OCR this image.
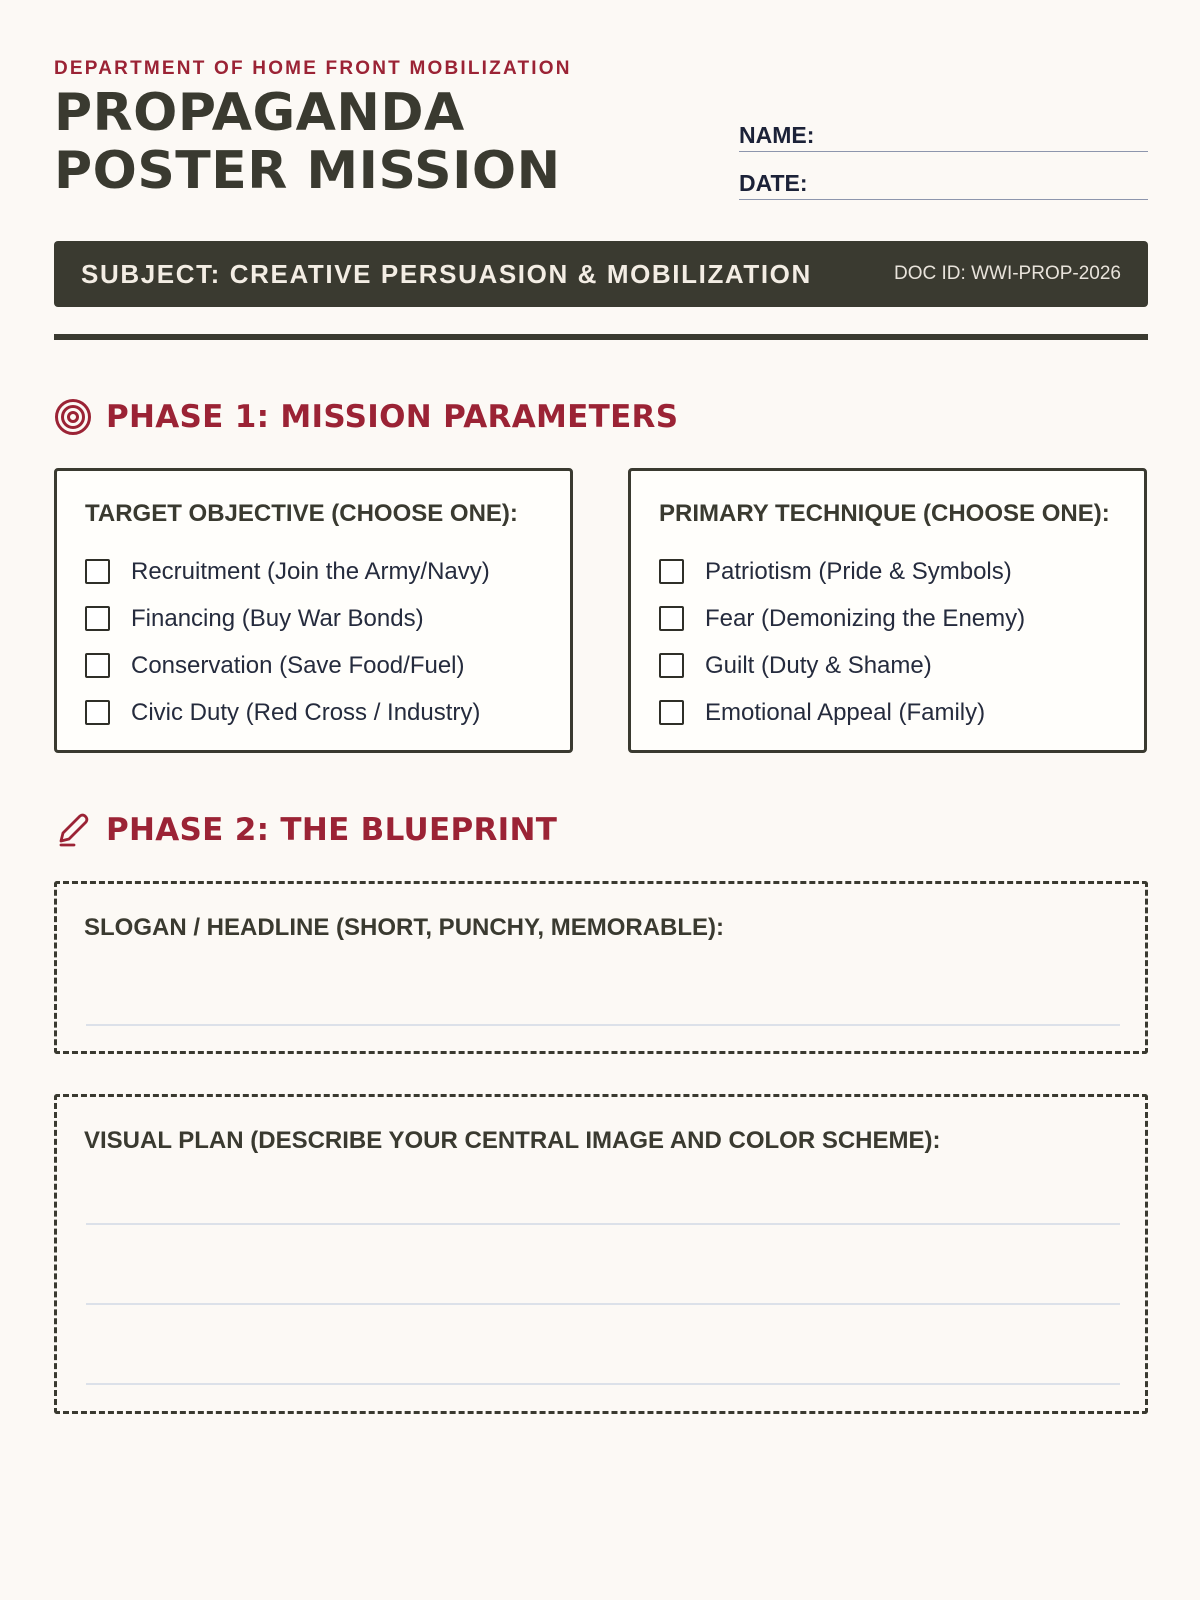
DEPARTMENT OF HOME FRONT MOBILIZATION
PROPAGANDA
POSTER MISSION
NAME:
DATE:
SUBJECT: CREATIVE PERSUASION & MOBILIZATION	DOC ID: WWI-PROP-2026
PHASE 1: MISSION PARAMETERS
TARGET OBJECTIVE (CHOOSE ONE):
Recruitment (Join the Army/Navy)
Financing (Buy War Bonds)
Conservation (Save Food/Fuel)
Civic Duty (Red Cross / Industry)
PRIMARY TECHNIQUE (CHOOSE ONE):
Patriotism (Pride & Symbols)
Fear (Demonizing the Enemy)
Guilt (Duty & Shame)
Emotional Appeal (Family)
PHASE 2: THE BLUEPRINT
SLOGAN / HEADLINE (SHORT, PUNCHY, MEMORABLE):
VISUAL PLAN (DESCRIBE YOUR CENTRAL IMAGE AND COLOR SCHEME):
